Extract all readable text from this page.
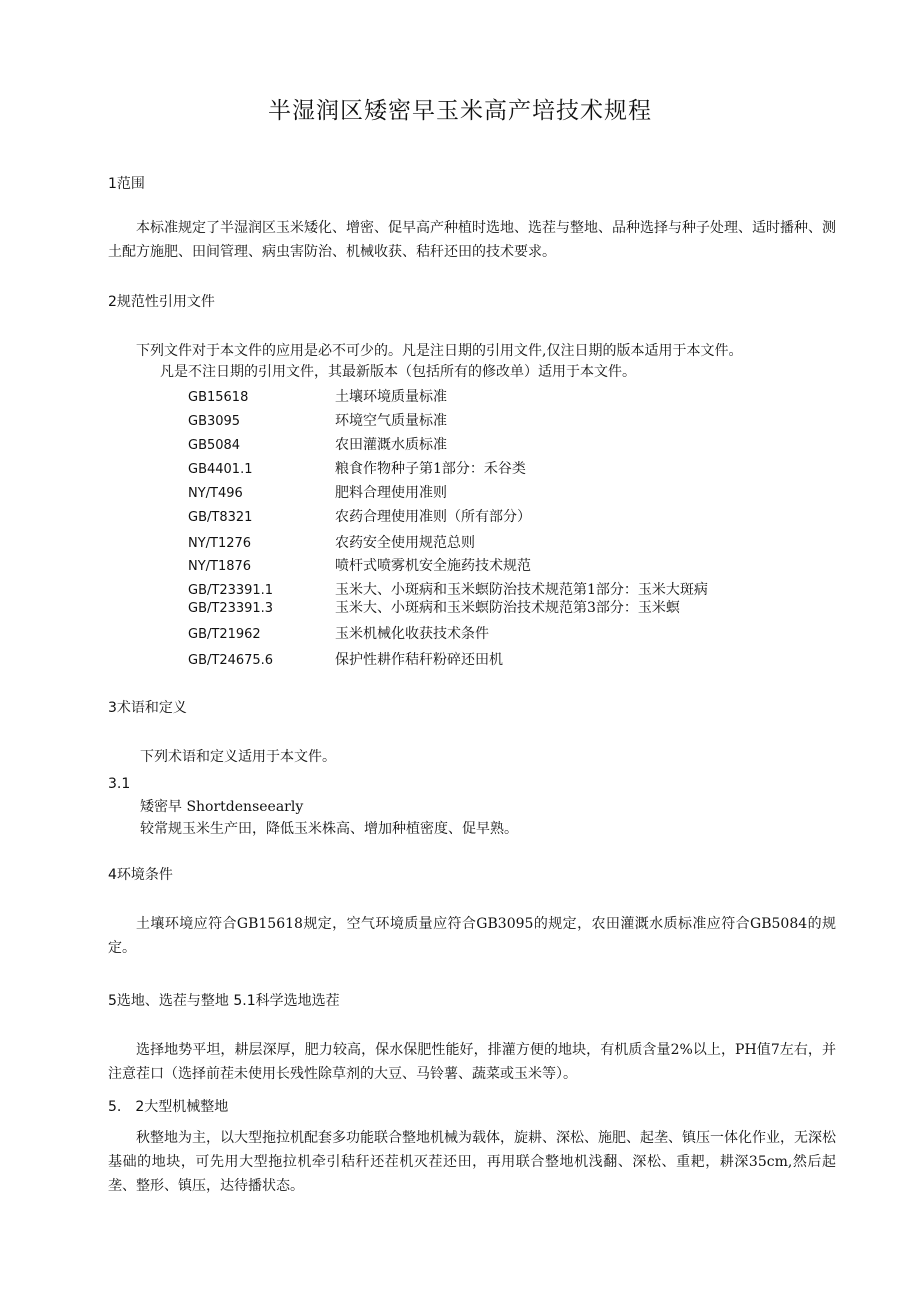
半湿润区矮密早玉米高产培技术规程
1范围
本标准规定了半湿润区玉米矮化、增密、促早高产种植时选地、选茬与整地、品种选择与种子处理、适时播种、测土配方施肥、田间管理、病虫害防治、机械收获、秸秆还田的技术要求。
2规范性引用文件
下列文件对于本文件的应用是必不可少的。凡是注日期的引用文件,仅注日期的版本适用于本文件。
凡是不注日期的引用文件，其最新版本（包括所有的修改单）适用于本文件。
GB15618	土壤环境质量标准
GB3095	环境空气质量标准
GB5084	农田灌溉水质标准
GB4401.1	粮食作物种子第1部分：禾谷类
NY/T496	肥料合理使用准则
GB/T8321	农药合理使用准则（所有部分）
NY/T1276	农药安全使用规范总则
NY/T1876	喷杆式喷雾机安全施药技术规范
GB/T23391.1	玉米大、小斑病和玉米螟防治技术规范第1部分：玉米大斑病
GB/T23391.3	玉米大、小斑病和玉米螟防治技术规范第3部分：玉米螟
GB/T21962	玉米机械化收获技术条件
GB/T24675.6	保护性耕作秸秆粉碎还田机
3术语和定义
下列术语和定义适用于本文件。
3.1
矮密早 Shortdenseearly
较常规玉米生产田，降低玉米株高、增加种植密度、促早熟。
4环境条件
土壤环境应符合GB15618规定，空气环境质量应符合GB3095的规定，农田灌溉水质标准应符合GB5084的规定。
5选地、选茬与整地 5.1科学选地选茬
选择地势平坦，耕层深厚，肥力较高，保水保肥性能好，排灌方便的地块，有机质含量2%以上，PH值7左右，并注意茬口（选择前茬未使用长残性除草剂的大豆、马铃薯、蔬菜或玉米等）。
5.　2大型机械整地
秋整地为主，以大型拖拉机配套多功能联合整地机械为载体，旋耕、深松、施肥、起垄、镇压一体化作业，无深松基础的地块，可先用大型拖拉机牵引秸秆还茬机灭茬还田，再用联合整地机浅翻、深松、重耙，耕深35cm,然后起垄、整形、镇压，达待播状态。
